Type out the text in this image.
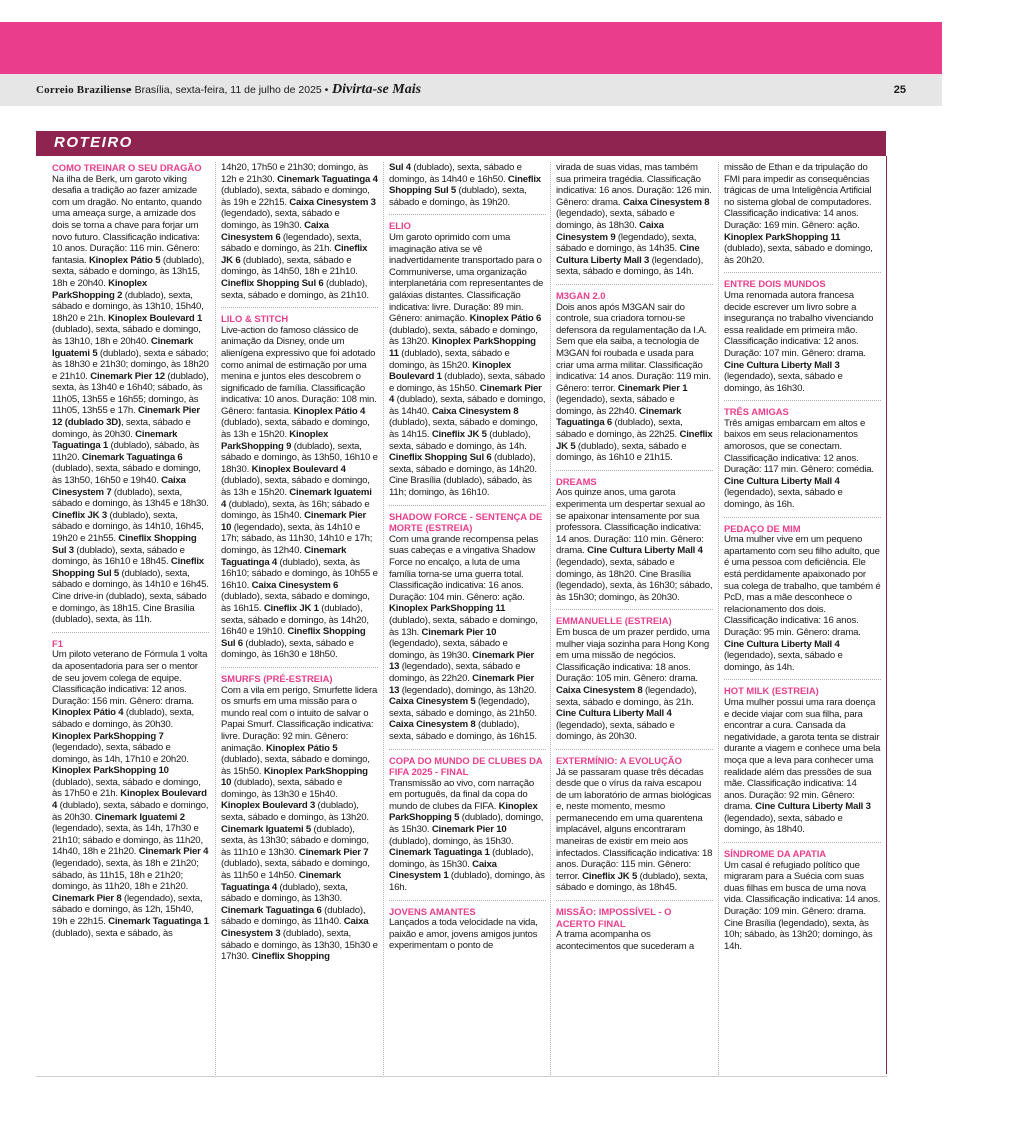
Correio Braziliense
• Brasília, sexta-feira, 11 de julho de 2025 • Divirta-se Mais	25
ROTEIRO
COMO TREINAR O SEU DRAGÃO
Na ilha de Berk, um garoto viking desafia a tradição ao fazer amizade com um dragão. No entanto, quando uma ameaça surge, a amizade dos dois se torna a chave para forjar um novo futuro. Classificação indicativa: 10 anos. Duração: 116 min. Gênero: fantasia. Kinoplex Pátio 5 (dublado), sexta, sábado e domingo, às 13h15, 18h e 20h40. Kinoplex ParkShopping 2 (dublado), sexta, sábado e domingo, às 13h10, 15h40, 18h20 e 21h. Kinoplex Boulevard 1 (dublado), sexta, sábado e domingo, às 13h10, 18h e 20h40. Cinemark Iguatemi 5 (dublado), sexta e sábado; às 18h30 e 21h30; domingo, às 18h20 e 21h10. Cinemark Pier 12 (dublado), sexta, às 13h40 e 16h40; sábado, às 11h05, 13h55 e 16h55; domingo, às 11h05, 13h55 e 17h. Cinemark Pier 12 (dublado 3D), sexta, sábado e domingo, às 20h30. Cinemark Taguatinga 1 (dublado), sábado, às 11h20. Cinemark Taguatinga 6 (dublado), sexta, sábado e domingo, às 13h50, 16h50 e 19h40. Caixa Cinesystem 7 (dublado), sexta, sábado e domingo, às 13h45 e 18h30. Cineflix JK 3 (dublado), sexta, sábado e domingo, às 14h10, 16h45, 19h20 e 21h55. Cineflix Shopping Sul 3 (dublado), sexta, sábado e domingo, às 16h10 e 18h45. Cineflix Shopping Sul 5 (dublado), sexta, sábado e domingo, às 14h10 e 16h45. Cine drive-in (dublado), sexta, sábado e domingo, às 18h15. Cine Brasília (dublado), sexta, às 11h.
F1
Um piloto veterano de Fórmula 1 volta da aposentadoria para ser o mentor de seu jovem colega de equipe. Classificação indicativa: 12 anos. Duração: 156 min. Gênero: drama. Kinoplex Pátio 4 (dublado), sexta, sábado e domingo, às 20h30. Kinoplex ParkShopping 7 (legendado), sexta, sábado e domingo, às 14h, 17h10 e 20h20. Kinoplex ParkShopping 10 (dublado), sexta, sábado e domingo, às 17h50 e 21h. Kinoplex Boulevard 4 (dublado), sexta, sábado e domingo, às 20h30. Cinemark Iguatemi 2 (legendado), sexta, às 14h, 17h30 e 21h10; sábado e domingo, às 11h20, 14h40, 18h e 21h20. Cinemark Pier 4 (legendado), sexta, às 18h e 21h20; sábado, às 11h15, 18h e 21h20; domingo, às 11h20, 18h e 21h20. Cinemark Pier 8 (legendado), sexta, sábado e domingo, às 12h, 15h40, 19h e 22h15. Cinemark Taguatinga 1 (dublado), sexta e sábado, às
14h20, 17h50 e 21h30; domingo, às 12h e 21h30. Cinemark Taguatinga 4 (dublado), sexta, sábado e domingo, às 19h e 22h15. Caixa Cinesystem 3 (legendado), sexta, sábado e domingo, às 19h30. Caixa Cinesystem 6 (legendado), sexta, sábado e domingo, às 21h. Cineflix JK 6 (dublado), sexta, sábado e domingo, às 14h50, 18h e 21h10. Cineflix Shopping Sul 6 (dublado), sexta, sábado e domingo, às 21h10.
LILO & STITCH
Live-action do famoso clássico de animação da Disney, onde um alienígena expressivo que foi adotado como animal de estimação por uma menina e juntos eles descobrem o significado de família. Classificação indicativa: 10 anos. Duração: 108 min. Gênero: fantasia. Kinoplex Pátio 4 (dublado), sexta, sábado e domingo, às 13h e 15h20. Kinoplex ParkShopping 9 (dublado), sexta, sábado e domingo, às 13h50, 16h10 e 18h30. Kinoplex Boulevard 4 (dublado), sexta, sábado e domingo, às 13h e 15h20. Cinemark Iguatemi 4 (dublado), sexta, às 16h; sábado e domingo, às 15h40. Cinemark Pier 10 (legendado), sexta, às 14h10 e 17h; sábado, às 11h30, 14h10 e 17h; domingo, às 12h40. Cinemark Taguatinga 4 (dublado), sexta, às 16h10; sábado e domingo, às 10h55 e 16h10. Caixa Cinesystem 6 (dublado), sexta, sábado e domingo, às 16h15. Cineflix JK 1 (dublado), sexta, sábado e domingo, às 14h20, 16h40 e 19h10. Cineflix Shopping Sul 6 (dublado), sexta, sábado e domingo, às 16h30 e 18h50.
SMURFS (PRÉ-ESTREIA)
Com a vila em perigo, Smurfette lidera os smurfs em uma missão para o mundo real com o intuito de salvar o Papai Smurf. Classificação indicativa: livre. Duração: 92 min. Gênero: animação. Kinoplex Pátio 5 (dublado), sexta, sábado e domingo, às 15h50. Kinoplex ParkShopping 10 (dublado), sexta, sábado e domingo, às 13h30 e 15h40. Kinoplex Boulevard 3 (dublado), sexta, sábado e domingo, às 13h20. Cinemark Iguatemi 5 (dublado), sexta, às 13h30; sábado e domingo, às 11h10 e 13h30. Cinemark Pier 7 (dublado), sexta, sábado e domingo, às 11h50 e 14h50. Cinemark Taguatinga 4 (dublado), sexta, sábado e domingo, às 13h30. Cinemark Taguatinga 6 (dublado), sábado e domingo, às 11h40. Caixa Cinesystem 3 (dublado), sexta, sábado e domingo, às 13h30, 15h30 e 17h30. Cineflix Shopping
Sul 4 (dublado), sexta, sábado e domingo, às 14h40 e 16h50. Cineflix Shopping Sul 5 (dublado), sexta, sábado e domingo, às 19h20.
ELIO
Um garoto oprimido com uma imaginação ativa se vê inadvertidamente transportado para o Communiverse, uma organização interplanetária com representantes de galáxias distantes. Classificação indicativa: livre. Duração: 89 min. Gênero: animação. Kinoplex Pátio 6 (dublado), sexta, sábado e domingo, às 13h20. Kinoplex ParkShopping 11 (dublado), sexta, sábado e domingo, às 15h20. Kinoplex Boulevard 1 (dublado), sexta, sábado e domingo, às 15h50. Cinemark Pier 4 (dublado), sexta, sábado e domingo, às 14h40. Caixa Cinesystem 8 (dublado), sexta, sábado e domingo, às 14h15. Cineflix JK 5 (dublado), sexta, sábado e domingo, às 14h. Cineflix Shopping Sul 6 (dublado), sexta, sábado e domingo, às 14h20. Cine Brasília (dublado), sábado, às 11h; domingo, às 16h10.
SHADOW FORCE - SENTENÇA DE MORTE (ESTREIA)
Com uma grande recompensa pelas suas cabeças e a vingativa Shadow Force no encalço, a luta de uma família torna-se uma guerra total. Classificação indicativa: 16 anos. Duração: 104 min. Gênero: ação. Kinoplex ParkShopping 11 (dublado), sexta, sábado e domingo, às 13h. Cinemark Pier 10 (legendado), sexta, sábado e domingo, às 19h30. Cinemark Pier 13 (legendado), sexta, sábado e domingo, às 22h20. Cinemark Pier 13 (legendado), domingo, às 13h20. Caixa Cinesystem 5 (legendado), sexta, sábado e domingo, às 21h50. Caixa Cinesystem 8 (dublado), sexta, sábado e domingo, às 16h15.
COPA DO MUNDO DE CLUBES DA FIFA 2025 - FINAL
Transmissão ao vivo, com narração em português, da final da copa do mundo de clubes da FIFA. Kinoplex ParkShopping 5 (dublado), domingo, às 15h30. Cinemark Pier 10 (dublado), domingo, às 15h30. Cinemark Taguatinga 1 (dublado), domingo, às 15h30. Caixa Cinesystem 1 (dublado), domingo, às 16h.
JOVENS AMANTES
Lançados a toda velocidade na vida, paixão e amor, jovens amigos juntos experimentam o ponto de
virada de suas vidas, mas também sua primeira tragédia. Classificação indicativa: 16 anos. Duração: 126 min. Gênero: drama. Caixa Cinesystem 8 (legendado), sexta, sábado e domingo, às 18h30. Caixa Cinesystem 9 (legendado), sexta, sábado e domingo, às 14h35. Cine Cultura Liberty Mall 3 (legendado), sexta, sábado e domingo, às 14h.
M3GAN 2.0
Dois anos após M3GAN sair do controle, sua criadora tornou-se defensora da regulamentação da I.A. Sem que ela saiba, a tecnologia de M3GAN foi roubada e usada para criar uma arma militar. Classificação indicativa: 14 anos. Duração: 119 min. Gênero: terror. Cinemark Pier 1 (legendado), sexta, sábado e domingo, às 22h40. Cinemark Taguatinga 6 (dublado), sexta, sábado e domingo, às 22h25. Cineflix JK 5 (dublado), sexta, sábado e domingo, às 16h10 e 21h15.
DREAMS
Aos quinze anos, uma garota experimenta um despertar sexual ao se apaixonar intensamente por sua professora. Classificação indicativa: 14 anos. Duração: 110 min. Gênero: drama. Cine Cultura Liberty Mall 4 (legendado), sexta, sábado e domingo, às 18h20. Cine Brasília (legendado), sexta, às 16h30; sábado, às 15h30; domingo, às 20h30.
EMMANUELLE (ESTREIA)
Em busca de um prazer perdido, uma mulher viaja sozinha para Hong Kong em uma missão de negócios. Classificação indicativa: 18 anos. Duração: 105 min. Gênero: drama. Caixa Cinesystem 8 (legendado), sexta, sábado e domingo, às 21h. Cine Cultura Liberty Mall 4 (legendado), sexta, sábado e domingo, às 20h30.
EXTERMÍNIO: A EVOLUÇÃO
Já se passaram quase três décadas desde que o vírus da raiva escapou de um laboratório de armas biológicas e, neste momento, mesmo permanecendo em uma quarentena implacável, alguns encontraram maneiras de existir em meio aos infectados. Classificação indicativa: 18 anos. Duração: 115 min. Gênero: terror. Cineflix JK 5 (dublado), sexta, sábado e domingo, às 18h45.
MISSÃO: IMPOSSÍVEL - O ACERTO FINAL
A trama acompanha os acontecimentos que sucederam a
missão de Ethan e da tripulação do FMI para impedir as consequências trágicas de uma Inteligência Artificial no sistema global de computadores. Classificação indicativa: 14 anos. Duração: 169 min. Gênero: ação. Kinoplex ParkShopping 11 (dublado), sexta, sábado e domingo, às 20h20.
ENTRE DOIS MUNDOS
Uma renomada autora francesa decide escrever um livro sobre a insegurança no trabalho vivenciando essa realidade em primeira mão. Classificação indicativa: 12 anos. Duração: 107 min. Gênero: drama. Cine Cultura Liberty Mall 3 (legendado), sexta, sábado e domingo, às 16h30.
TRÊS AMIGAS
Três amigas embarcam em altos e baixos em seus relacionamentos amorosos, que se conectam. Classificação indicativa: 12 anos. Duração: 117 min. Gênero: comédia. Cine Cultura Liberty Mall 4 (legendado), sexta, sábado e domingo, às 16h.
PEDAÇO DE MIM
Uma mulher vive em um pequeno apartamento com seu filho adulto, que é uma pessoa com deficiência. Ele está perdidamente apaixonado por sua colega de trabalho, que também é PcD, mas a mãe desconhece o relacionamento dos dois. Classificação indicativa: 16 anos. Duração: 95 min. Gênero: drama. Cine Cultura Liberty Mall 4 (legendado), sexta, sábado e domingo, às 14h.
HOT MILK (ESTREIA)
Uma mulher possui uma rara doença e decide viajar com sua filha, para encontrar a cura. Cansada da negatividade, a garota tenta se distrair durante a viagem e conhece uma bela moça que a leva para conhecer uma realidade além das pressões de sua mãe. Classificação indicativa: 14 anos. Duração: 92 min. Gênero: drama. Cine Cultura Liberty Mall 3 (legendado), sexta, sábado e domingo, às 18h40.
SÍNDROME DA APATIA
Um casal é refugiado político que migraram para a Suécia com suas duas filhas em busca de uma nova vida. Classificação indicativa: 14 anos. Duração: 109 min. Gênero: drama. Cine Brasília (legendado), sexta, às 10h; sábado, às 13h20; domingo, às 14h.
